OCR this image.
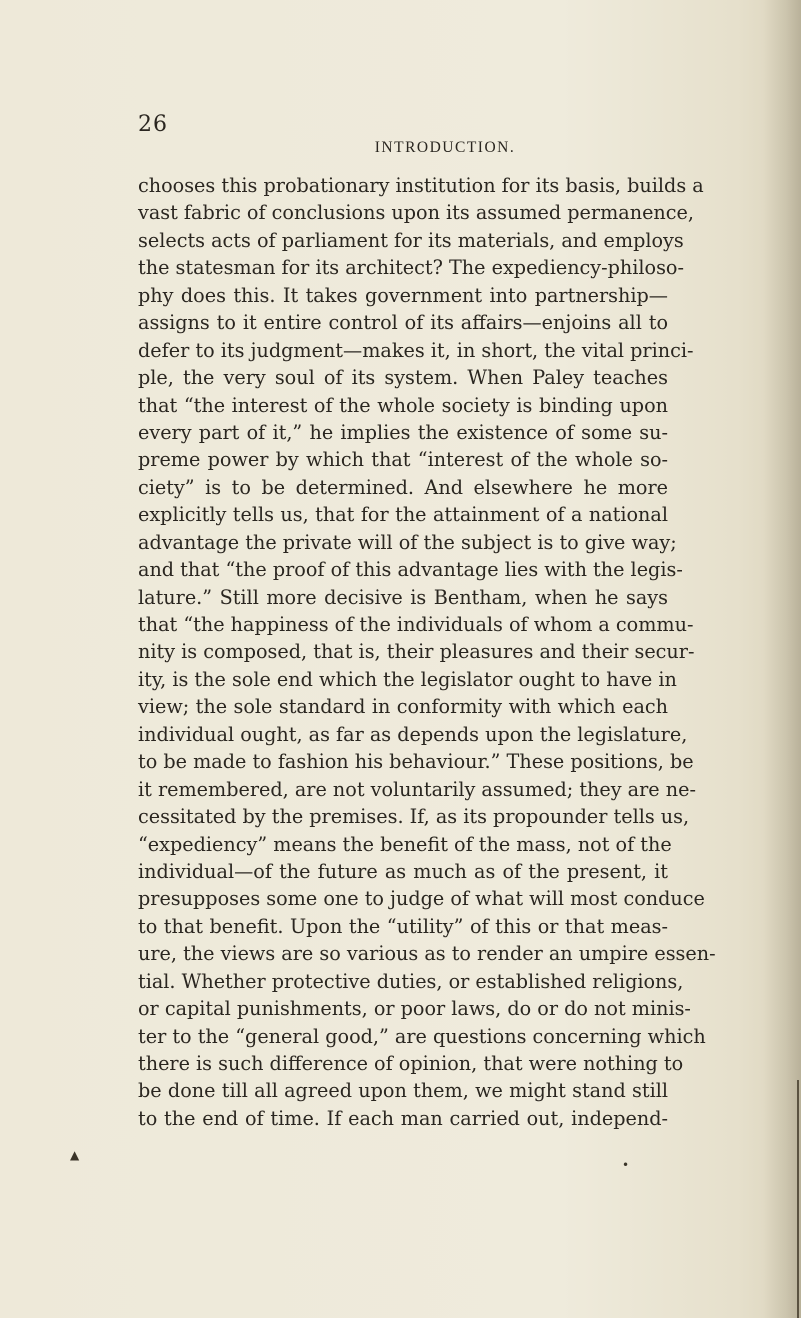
26
INTRODUCTION.
chooses this probationary institution for its basis, builds a
vast fabric of conclusions upon its assumed permanence,
selects acts of parliament for its materials, and employs
the statesman for its architect? The expediency-philoso-
phy does this. It takes government into partnership—
assigns to it entire control of its affairs—enjoins all to
defer to its judgment—makes it, in short, the vital princi-
ple, the very soul of its system. When Paley teaches
that “the interest of the whole society is binding upon
every part of it,” he implies the existence of some su-
preme power by which that “interest of the whole so-
ciety” is to be determined. And elsewhere he more
explicitly tells us, that for the attainment of a national
advantage the private will of the subject is to give way;
and that “the proof of this advantage lies with the legis-
lature.” Still more decisive is Bentham, when he says
that “the happiness of the individuals of whom a commu-
nity is composed, that is, their pleasures and their secur-
ity, is the sole end which the legislator ought to have in
view; the sole standard in conformity with which each
individual ought, as far as depends upon the legislature,
to be made to fashion his behaviour.” These positions, be
it remembered, are not voluntarily assumed; they are ne-
cessitated by the premises. If, as its propounder tells us,
“expediency” means the benefit of the mass, not of the
individual—of the future as much as of the present, it
presupposes some one to judge of what will most conduce
to that benefit. Upon the “utility” of this or that meas-
ure, the views are so various as to render an umpire essen-
tial. Whether protective duties, or established religions,
or capital punishments, or poor laws, do or do not minis-
ter to the “general good,” are questions concerning which
there is such difference of opinion, that were nothing to
be done till all agreed upon them, we might stand still
to the end of time. If each man carried out, independ-
▲
•
